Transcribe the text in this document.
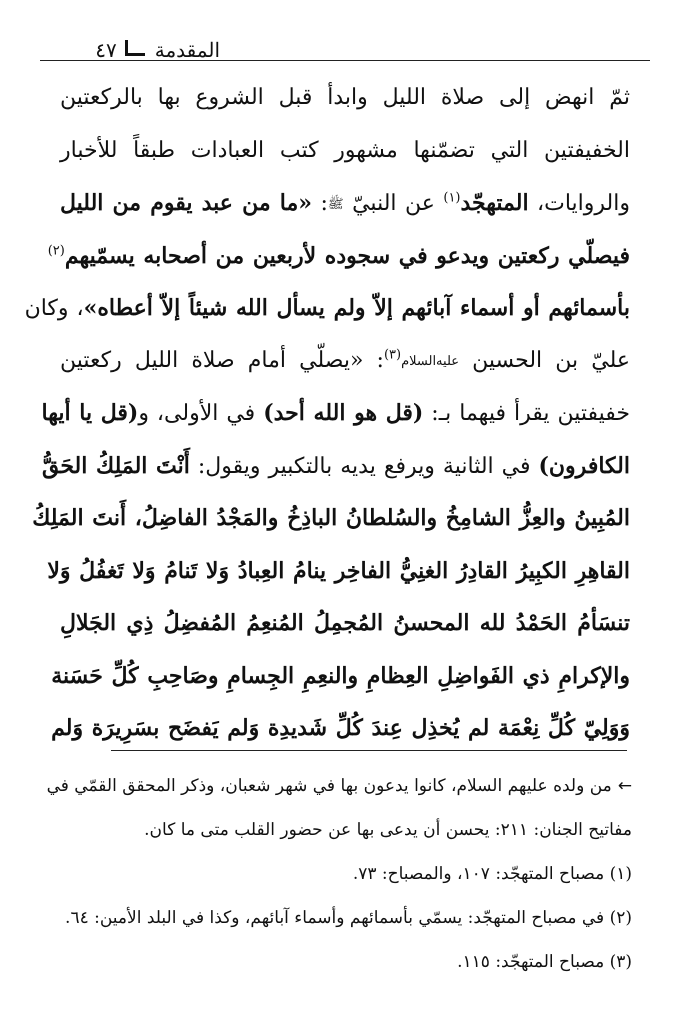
المقدمة
٤٧
ثمّ انهض إلى صلاة الليل وابدأ قبل الشروع بها بالركعتين
الخفيفتين التي تضمّنها مشهور كتب العبادات طبقاً للأخبار
والروايات، المتهجّد$^{(١)}$ عن النبيّ ﷺ: «ما من عبد يقوم من الليل
فيصلّي ركعتين ويدعو في سجوده لأربعين من أصحابه يسمّيهم$^{(٢)}$
بأسمائهم أو أسماء آبائهم إلاّ ولم يسأل الله شيئاً إلاّ أعطاه»، وكان
عليّ بن الحسين عليه‌السلام$^{(٣)}$: «يصلّي أمام صلاة الليل ركعتين
خفيفتين يقرأ فيهما بـ: (قل هو الله أحد) في الأولى، و(قل يا أيها
الكافرون) في الثانية ويرفع يديه بالتكبير ويقول: أَنْتَ المَلِكُ الحَقُّ
المُبِينُ والعِزُّ الشامِخُ والسُلطانُ الباذِخُ والمَجْدُ الفاضِلُ، أَنتَ المَلِكُ
القاهِرِ الكبِيرُ القادِرُ الغنِيُّ الفاخِر ينامُ العِبادُ وَلا تَنامُ وَلا تَغفُلُ وَلا
تنسَأمُ الحَمْدُ لله المحسنُ المُجمِلُ المُنعِمُ المُفضِلُ ذِي الجَلالِ
والإكرامِ ذي الفَواضِلِ العِظامِ والنعِمِ الجِسامِ وصَاحِبِ كُلِّ حَسَنة
وَوَلِيّ كُلِّ نِعْمَة لم يُخذِل عِندَ كُلِّ شَديدِة وَلم يَفضَح بسَرِيرَة وَلم
←من ولده عليهم السلام، كانوا يدعون بها في شهر شعبان، وذكر المحقق القمّي في
مفاتيح الجنان: ٢١١: يحسن أن يدعى بها عن حضور القلب متى ما كان.
(١) مصباح المتهجّد: ١٠٧، والمصباح: ٧٣.
(٢) في مصباح المتهجّد: يسمّي بأسمائهم وأسماء آبائهم، وكذا في البلد الأمين: ٦٤.
(٣) مصباح المتهجّد: ١١٥.
